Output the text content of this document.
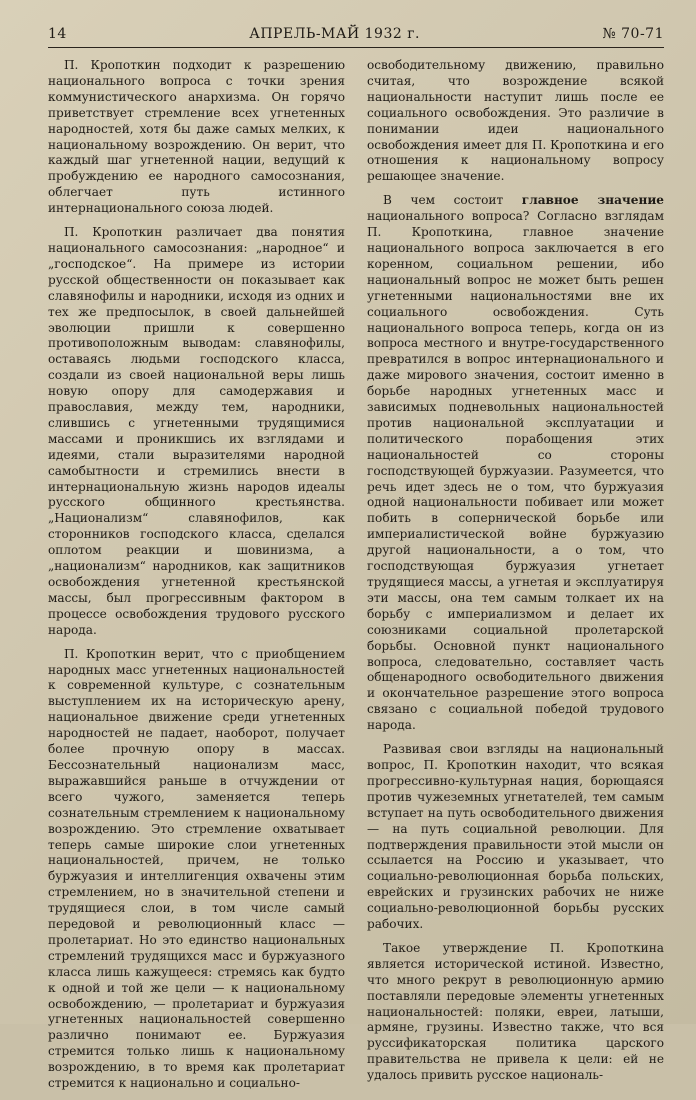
14	АПРЕЛЬ-МАЙ 1932 г.	№ 70-71

П. Кропоткин подходит к разрешению национального вопроса с точки зрения коммунистического анархизма. Он горячо приветствует стремление всех угнетенных народностей, хотя бы даже самых мелких, к национальному возрождению. Он верит, что каждый шаг угнетенной нации, ведущий к пробуждению ее народного самосознания, облегчает путь истинного интернационального союза людей.

П. Кропоткин различает два понятия национального самосознания: „народное“ и „господское“. На примере из истории русской общественности он показывает как славянофилы и народники, исходя из одних и тех же предпосылок, в своей дальнейшей эволюции пришли к совершенно противоположным выводам: славянофилы, оставаясь людьми господского класса, создали из своей национальной веры лишь новую опору для самодержавия и православия, между тем, народники, слившись с угнетенными трудящимися массами и проникшись их взглядами и идеями, стали выразителями народной самобытности и стремились внести в интернациональную жизнь народов идеалы русского общинного крестьянства. „Национализм“ славянофилов, как сторонников господского класса, сделался оплотом реакции и шовинизма, а „национализм“ народников, как защитников освобождения угнетенной крестьянской массы, был прогрессивным фактором в процессе освобождения трудового русского народа.

П. Кропоткин верит, что с приобщением народных масс угнетенных национальностей к современной культуре, с сознательным выступлением их на историческую арену, национальное движение среди угнетенных народностей не падает, наоборот, получает более прочную опору в массах. Бессознательный национализм масс, выражавшийся раньше в отчуждении от всего чужого, заменяется теперь сознательным стремлением к национальному возрождению. Это стремление охватывает теперь самые широкие слои угнетенных национальностей, причем, не только буржуазия и интеллигенция охвачены этим стремлением, но в значительной степени и трудящиеся слои, в том числе самый передовой и революционный класс — пролетариат. Но это единство национальных стремлений трудящихся масс и буржуазного класса лишь кажущееся: стремясь как будто к одной и той же цели — к национальному освобождению, — пролетариат и буржуазия угнетенных национальностей совершенно различно понимают ее. Буржуазия стремится только лишь к национальному возрождению, в то время как пролетариат стремится к национально и социально-

освободительному движению, правильно считая, что возрождение всякой национальности наступит лишь после ее социального освобождения. Это различие в понимании идеи национального освобождения имеет для П. Кропоткина и его отношения к национальному вопросу решающее значение.

В чем состоит главное значение национального вопроса? Согласно взглядам П. Кропоткина, главное значение национального вопроса заключается в его коренном, социальном решении, ибо национальный вопрос не может быть решен угнетенными национальностями вне их социального освобождения. Суть национального вопроса теперь, когда он из вопроса местного и внутре-государственного превратился в вопрос интернационального и даже мирового значения, состоит именно в борьбе народных угнетенных масс и зависимых подневольных национальностей против национальной эксплуатации и политического порабощения этих национальностей со стороны господствующей буржуазии. Разумеется, что речь идет здесь не о том, что буржуазия одной национальности побивает или может побить в сопернической борьбе или империалистической войне буржуазию другой национальности, а о том, что господствующая буржуазия угнетает трудящиеся массы, а угнетая и эксплуатируя эти массы, она тем самым толкает их на борьбу с империализмом и делает их союзниками социальной пролетарской борьбы. Основной пункт национального вопроса, следовательно, составляет часть общенародного освободительного движения и окончательное разрешение этого вопроса связано с социальной победой трудового народа.

Развивая свои взгляды на национальный вопрос, П. Кропоткин находит, что всякая прогрессивно-культурная нация, борющаяся против чужеземных угнетателей, тем самым вступает на путь освободительного движения — на путь социальной революции. Для подтверждения правильности этой мысли он ссылается на Россию и указывает, что социально-революционная борьба польских, еврейских и грузинских рабочих не ниже социально-революционной борьбы русских рабочих.

Такое утверждение П. Кропоткина является исторической истиной. Известно, что много рекрут в революционную армию поставляли передовые элементы угнетенных национальностей: поляки, евреи, латыши, армяне, грузины. Известно также, что вся руссификаторская политика царского правительства не привела к цели: ей не удалось привить русское националь-
